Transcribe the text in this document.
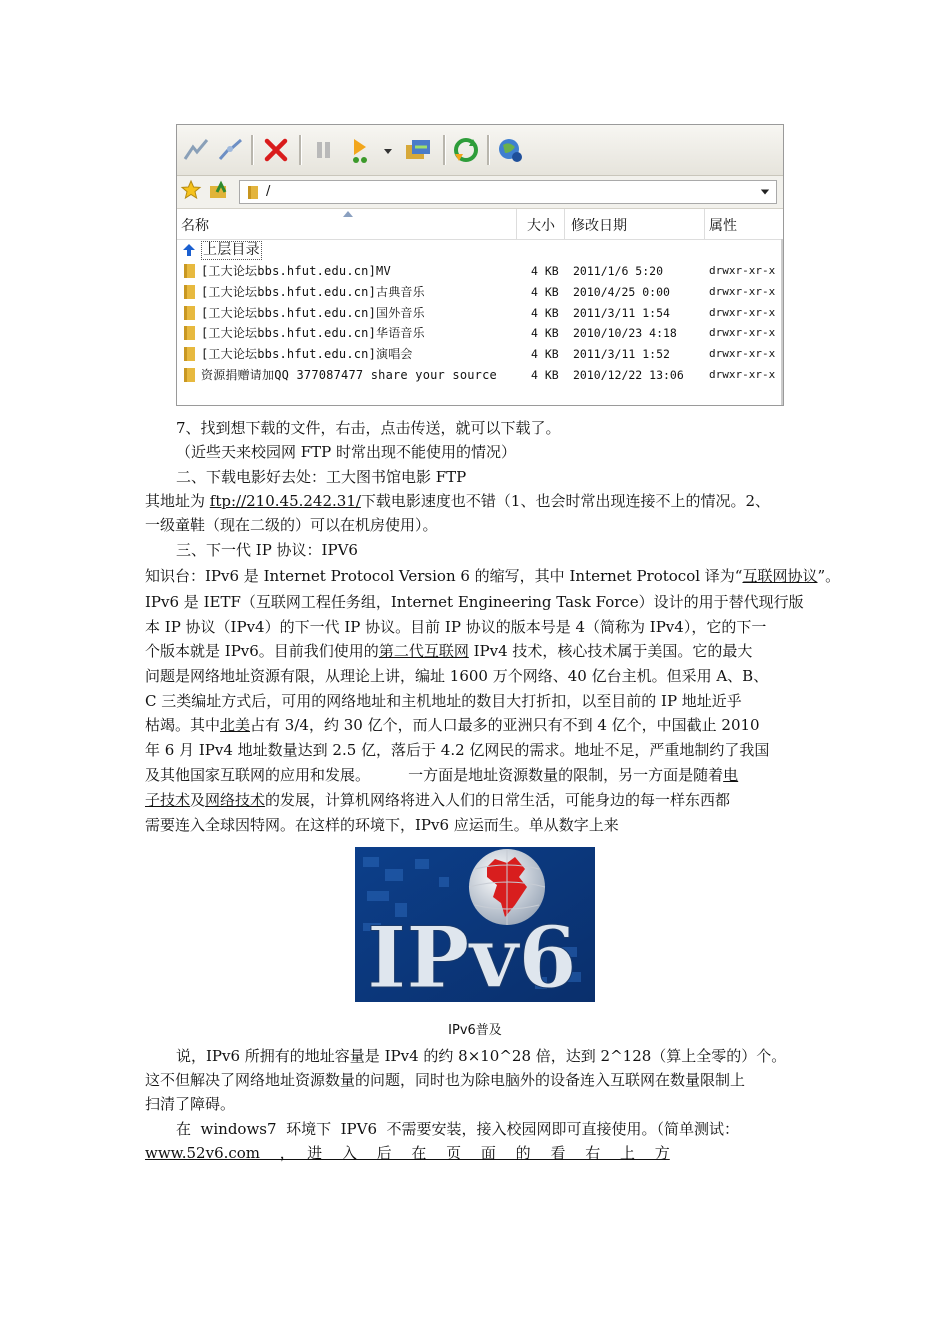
/
名称	大小	修改日期	属性
上层目录
[工大论坛bbs.hfut.edu.cn]MV	4 KB 2011/1/6 5:20	drwxr-xr-x
[工大论坛bbs.hfut.edu.cn]古典音乐	4 KB 2010/4/25 0:00	drwxr-xr-x
[工大论坛bbs.hfut.edu.cn]国外音乐	4 KB 2011/3/11 1:54	drwxr-xr-x
[工大论坛bbs.hfut.edu.cn]华语音乐	4 KB 2010/10/23 4:18	drwxr-xr-x
[工大论坛bbs.hfut.edu.cn]演唱会	4 KB 2011/3/11 1:52	drwxr-xr-x
资源捐赠请加QQ 377087477 share your source	4 KB 2010/12/22 13:06 drwxr-xr-x
7、找到想下载的文件，右击，点击传送，就可以下载了。
（近些天来校园网 FTP 时常出现不能使用的情况）
二、下载电影好去处：工大图书馆电影 FTP
其地址为 ftp://210.45.242.31/下载电影速度也不错（1、也会时常出现连接不上的情况。2、
一级童鞋（现在二级的）可以在机房使用）。
三、下一代 IP 协议：IPV6
知识台：IPv6 是 Internet Protocol Version 6 的缩写，其中 Internet Protocol 译为“互联网协议”。
IPv6 是 IETF（互联网工程任务组，Internet Engineering Task Force）设计的用于替代现行版
本 IP 协议（IPv4）的下一代 IP 协议。目前 IP 协议的版本号是 4（简称为 IPv4），它的下一
个版本就是 IPv6。目前我们使用的第二代互联网 IPv4 技术，核心技术属于美国。它的最大
问题是网络地址资源有限，从理论上讲，编址 1600 万个网络、40 亿台主机。但采用 A、B、
C 三类编址方式后，可用的网络地址和主机地址的数目大打折扣，以至目前的 IP 地址近乎
枯竭。其中北美占有 3/4，约 30 亿个，而人口最多的亚洲只有不到 4 亿个，中国截止 2010
年 6 月 IPv4 地址数量达到 2.5 亿，落后于 4.2 亿网民的需求。地址不足，严重地制约了我国
及其他国家互联网的应用和发展。        一方面是地址资源数量的限制，另一方面是随着电
子技术及网络技术的发展，计算机网络将进入人们的日常生活，可能身边的每一样东西都
需要连入全球因特网。在这样的环境下，IPv6 应运而生。单从数字上来
IPv6
IPv6普及
说，IPv6 所拥有的地址容量是 IPv4 的约 8×10^28 倍，达到 2^128（算上全零的）个。
这不但解决了网络地址资源数量的问题，同时也为除电脑外的设备连入互联网在数量限制上
扫清了障碍。
在  windows7  环境下  IPV6  不需要安装，接入校园网即可直接使用。（简单测试：
www.52v6.com　 ，　 进　 入　 后　 在　 页　 面　 的　 看　 右　 上　 方
